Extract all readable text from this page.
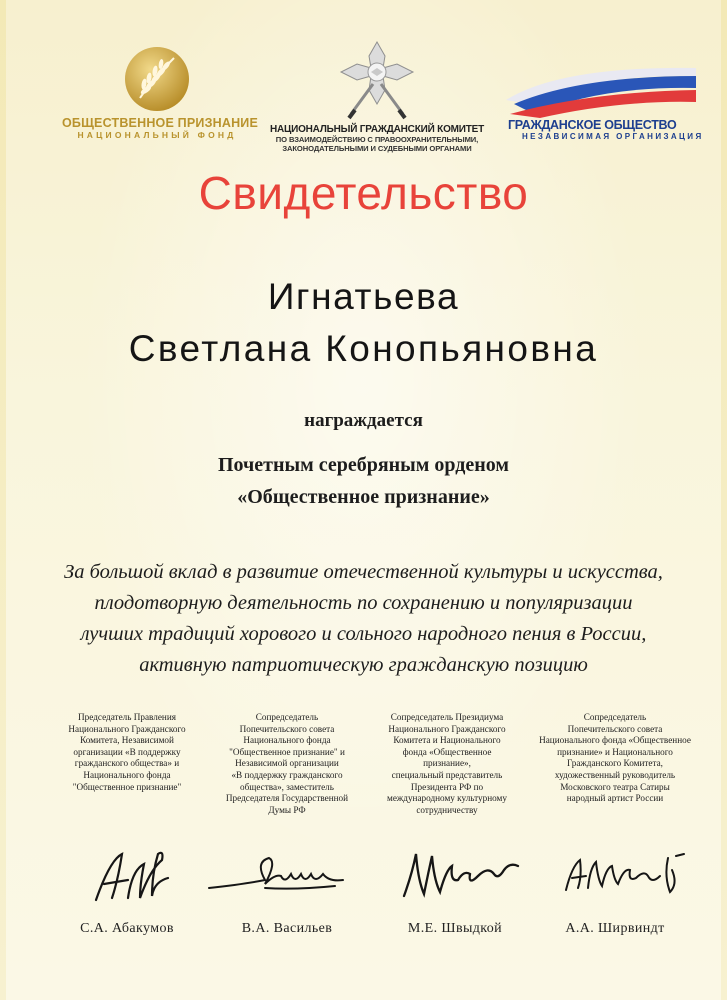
ОБЩЕСТВЕННОЕ ПРИЗНАНИЕ
НАЦИОНАЛЬНЫЙ ФОНД	НАЦИОНАЛЬНЫЙ ГРАЖДАНСКИЙ КОМИТЕТ
ПО ВЗАИМОДЕЙСТВИЮ С ПРАВООХРАНИТЕЛЬНЫМИ,
ЗАКОНОДАТЕЛЬНЫМИ И СУДЕБНЫМИ ОРГАНАМИ
ГРАЖДАНСКОЕ ОБЩЕСТВО
НЕЗАВИСИМАЯ ОРГАНИЗАЦИЯ
Свидетельство
Игнатьева
Светлана Конопьяновна
награждается
Почетным серебряным орденом
«Общественное признание»
За большой вклад в развитие отечественной культуры и искусства,
плодотворную деятельность по сохранению и популяризации
лучших традиций хорового и сольного народного пения в России,
активную патриотическую гражданскую позицию
Председатель Правления
Национального Гражданского
Комитета, Независимой
организации «В поддержку
гражданского общества» и
Национального фонда
"Общественное признание"
Сопредседатель
Попечительского совета
Национального фонда
"Общественное признание" и
Независимой организации
«В поддержку гражданского
общества», заместитель
Председателя Государственной
Думы РФ
Сопредседатель Президиума
Национального Гражданского
Комитета и Национального
фонда «Общественное
признание»,
специальный представитель
Президента РФ по
международному культурному
сотрудничеству
Сопредседатель
Попечительского совета
Национального фонда «Общественное
признание» и Национального
Гражданского Комитета,
художественный руководитель
Московского театра Сатиры
народный артист России
С.А. Абакумов	В.А. Васильев	М.Е. Швыдкой	А.А. Ширвиндт
